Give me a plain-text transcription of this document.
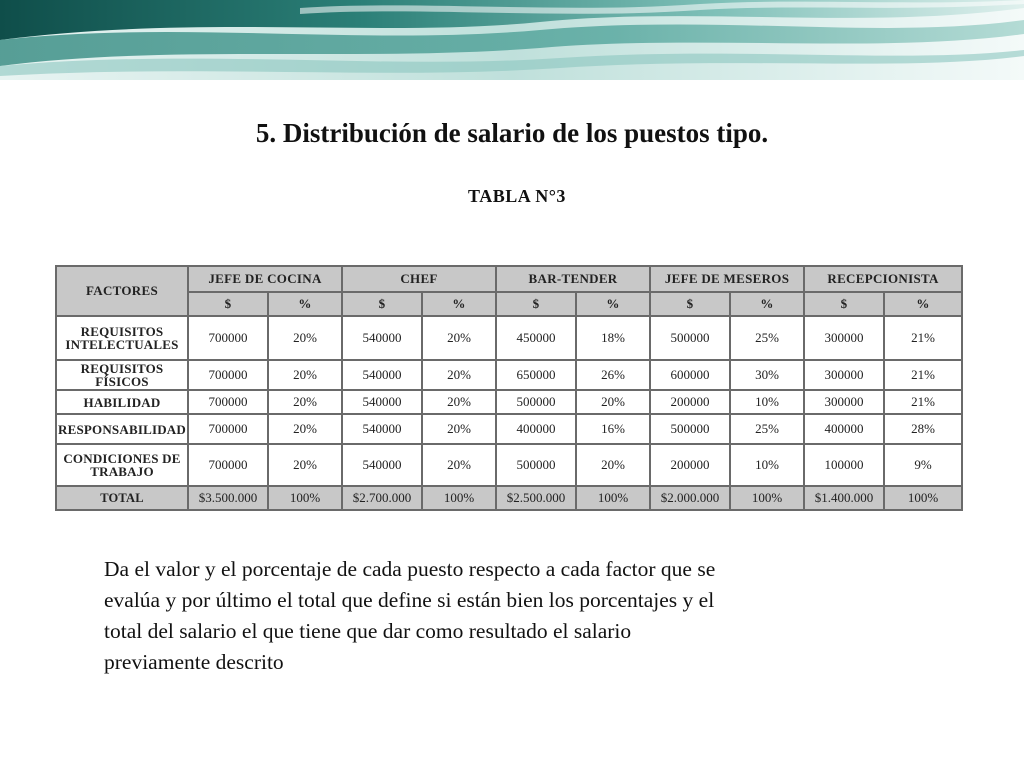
5. Distribución de salario de los puestos tipo.
TABLA N°3
FACTORES	JEFE DE COCINA		CHEF		BAR-TENDER		JEFE DE MESEROS		RECEPCIONISTA	
	$	%	$	%	$	%	$	%	$	%

REQUISITOS
INTELECTUALES	700000	20%	540000	20%	450000	18%	500000	25%	300000	21%

REQUISITOS
FÍSICOS	700000	20%	540000	20%	650000	26%	600000	30%	300000	21%

HABILIDAD	700000	20%	540000	20%	500000	20%	200000	10%	300000	21%

RESPONSABILIDAD	700000	20%	540000	20%	400000	16%	500000	25%	400000	28%

CONDICIONES DE
TRABAJO	700000	20%	540000	20%	500000	20%	200000	10%	100000	9%
TOTAL	$3.500.000	100%	$2.700.000	100%	$2.500.000	100%	$2.000.000	100%	$1.400.000	100%

Da el valor y el porcentaje de cada puesto respecto a cada factor que se

evalúa y por último el total que define si están bien los porcentajes y el

total del salario el que tiene que dar como resultado el salario

previamente descrito
